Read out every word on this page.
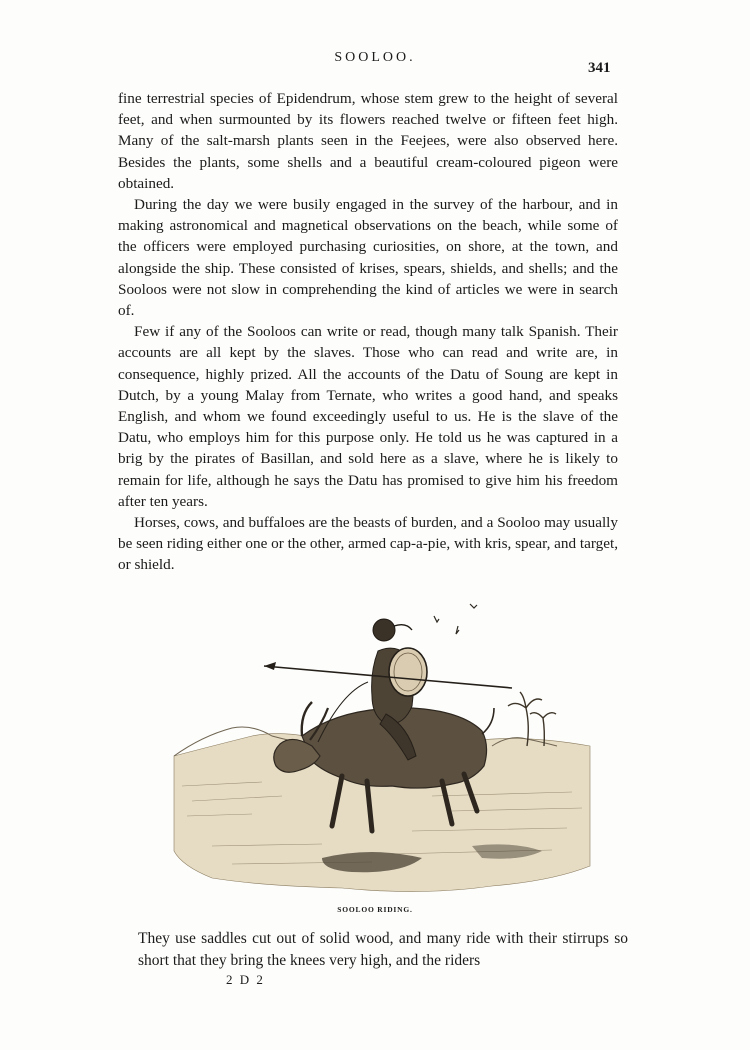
SOOLOO.
341

fine terrestrial species of Epidendrum, whose stem grew to the height of several feet, and when surmounted by its flowers reached twelve or fifteen feet high. Many of the salt-marsh plants seen in the Feejees, were also observed here. Besides the plants, some shells and a beautiful cream-coloured pigeon were obtained.

During the day we were busily engaged in the survey of the harbour, and in making astronomical and magnetical observations on the beach, while some of the officers were employed purchasing curiosities, on shore, at the town, and alongside the ship. These consisted of krises, spears, shields, and shells; and the Sooloos were not slow in comprehending the kind of articles we were in search of.

Few if any of the Sooloos can write or read, though many talk Spanish. Their accounts are all kept by the slaves. Those who can read and write are, in consequence, highly prized. All the accounts of the Datu of Soung are kept in Dutch, by a young Malay from Ternate, who writes a good hand, and speaks English, and whom we found exceedingly useful to us. He is the slave of the Datu, who employs him for this purpose only. He told us he was captured in a brig by the pirates of Basillan, and sold here as a slave, where he is likely to remain for life, although he says the Datu has promised to give him his freedom after ten years.

Horses, cows, and buffaloes are the beasts of burden, and a Sooloo may usually be seen riding either one or the other, armed cap-a-pie, with kris, spear, and target, or shield.

SOOLOO RIDING.

They use saddles cut out of solid wood, and many ride with their stirrups so short that they bring the knees very high, and the riders

2 D 2
